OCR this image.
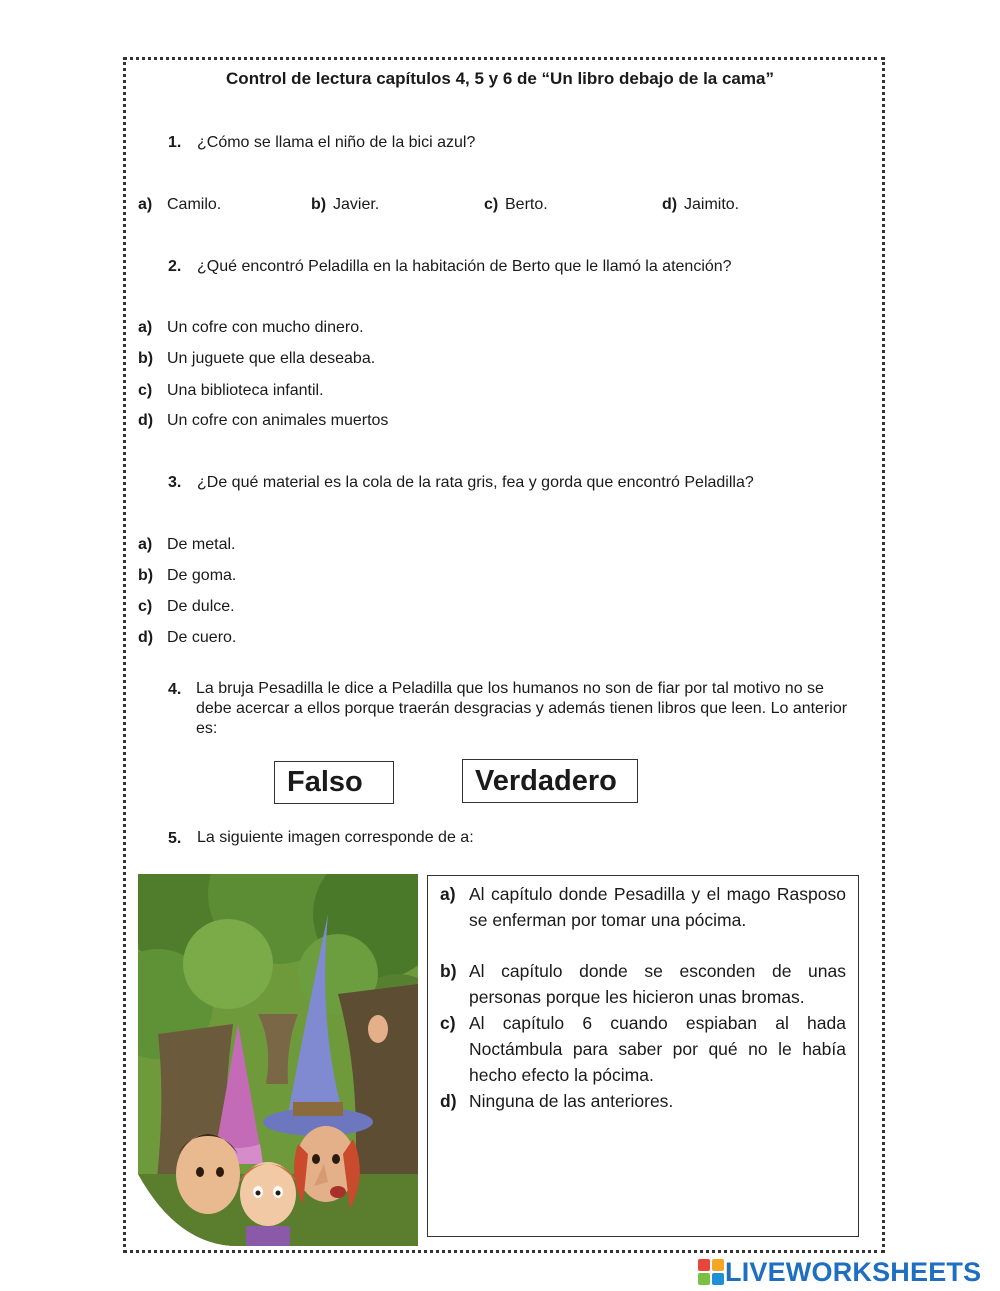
Control de lectura capítulos 4, 5 y 6 de “Un libro debajo de la cama”
1. ¿Cómo se llama el niño de la bici azul?
a) Camilo.	b) Javier.	c) Berto.	d) Jaimito.
2. ¿Qué encontró Peladilla en la habitación de Berto que le llamó la atención?
a) Un cofre con mucho dinero.
b) Un juguete que ella deseaba.
c) Una biblioteca infantil.
d) Un cofre con animales muertos
3. ¿De qué material es la cola de la rata gris, fea y gorda que encontró Peladilla?
a) De metal.
b) De goma.
c) De dulce.
d) De cuero.
4. La bruja Pesadilla le dice a Peladilla que los humanos no son de fiar por tal motivo no se debe acercar a ellos porque traerán desgracias y además tienen libros que leen. Lo anterior es:
Falso	Verdadero
5. La siguiente imagen corresponde de a:
a) Al capítulo donde Pesadilla y el mago Rasposo se enferman por tomar una pócima.
b) Al capítulo donde se esconden de unas personas porque les hicieron unas bromas.
c) Al capítulo 6 cuando espiaban al hada Noctámbula para saber por qué no le había hecho efecto la pócima.
d) Ninguna de las anteriores.
LIVEWORKSHEETS
